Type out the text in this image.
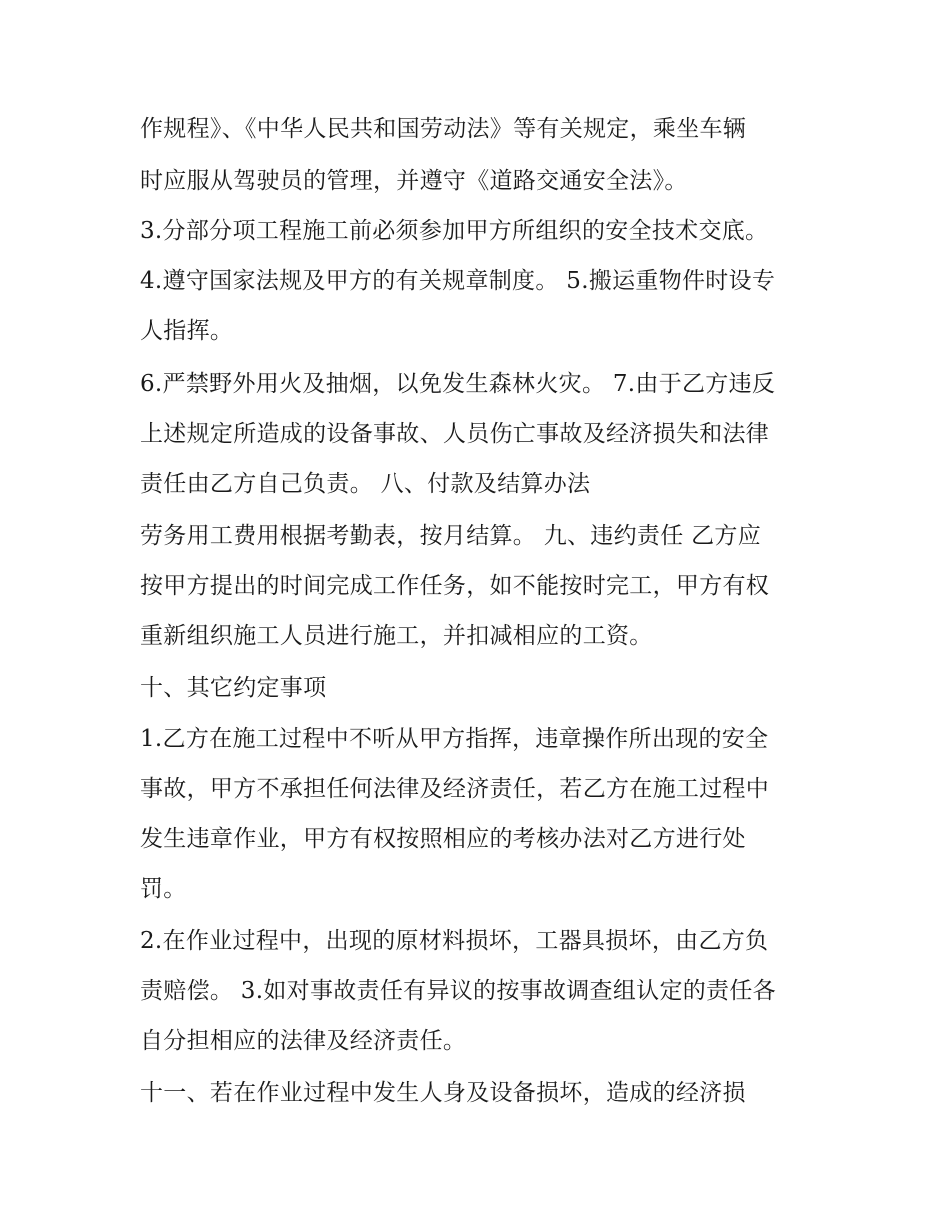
作规程》、《中华人民共和国劳动法》等有关规定，乘坐车辆
时应服从驾驶员的管理，并遵守《道路交通安全法》。
3.分部分项工程施工前必须参加甲方所组织的安全技术交底。
4.遵守国家法规及甲方的有关规章制度。 5.搬运重物件时设专
人指挥。
6.严禁野外用火及抽烟，以免发生森林火灾。 7.由于乙方违反
上述规定所造成的设备事故、人员伤亡事故及经济损失和法律
责任由乙方自己负责。 八、付款及结算办法
劳务用工费用根据考勤表，按月结算。 九、违约责任 乙方应
按甲方提出的时间完成工作任务，如不能按时完工，甲方有权
重新组织施工人员进行施工，并扣减相应的工资。
十、其它约定事项
1.乙方在施工过程中不听从甲方指挥，违章操作所出现的安全
事故，甲方不承担任何法律及经济责任，若乙方在施工过程中
发生违章作业，甲方有权按照相应的考核办法对乙方进行处
罚。
2.在作业过程中，出现的原材料损坏，工器具损坏，由乙方负
责赔偿。 3.如对事故责任有异议的按事故调查组认定的责任各
自分担相应的法律及经济责任。
十一、若在作业过程中发生人身及设备损坏，造成的经济损
